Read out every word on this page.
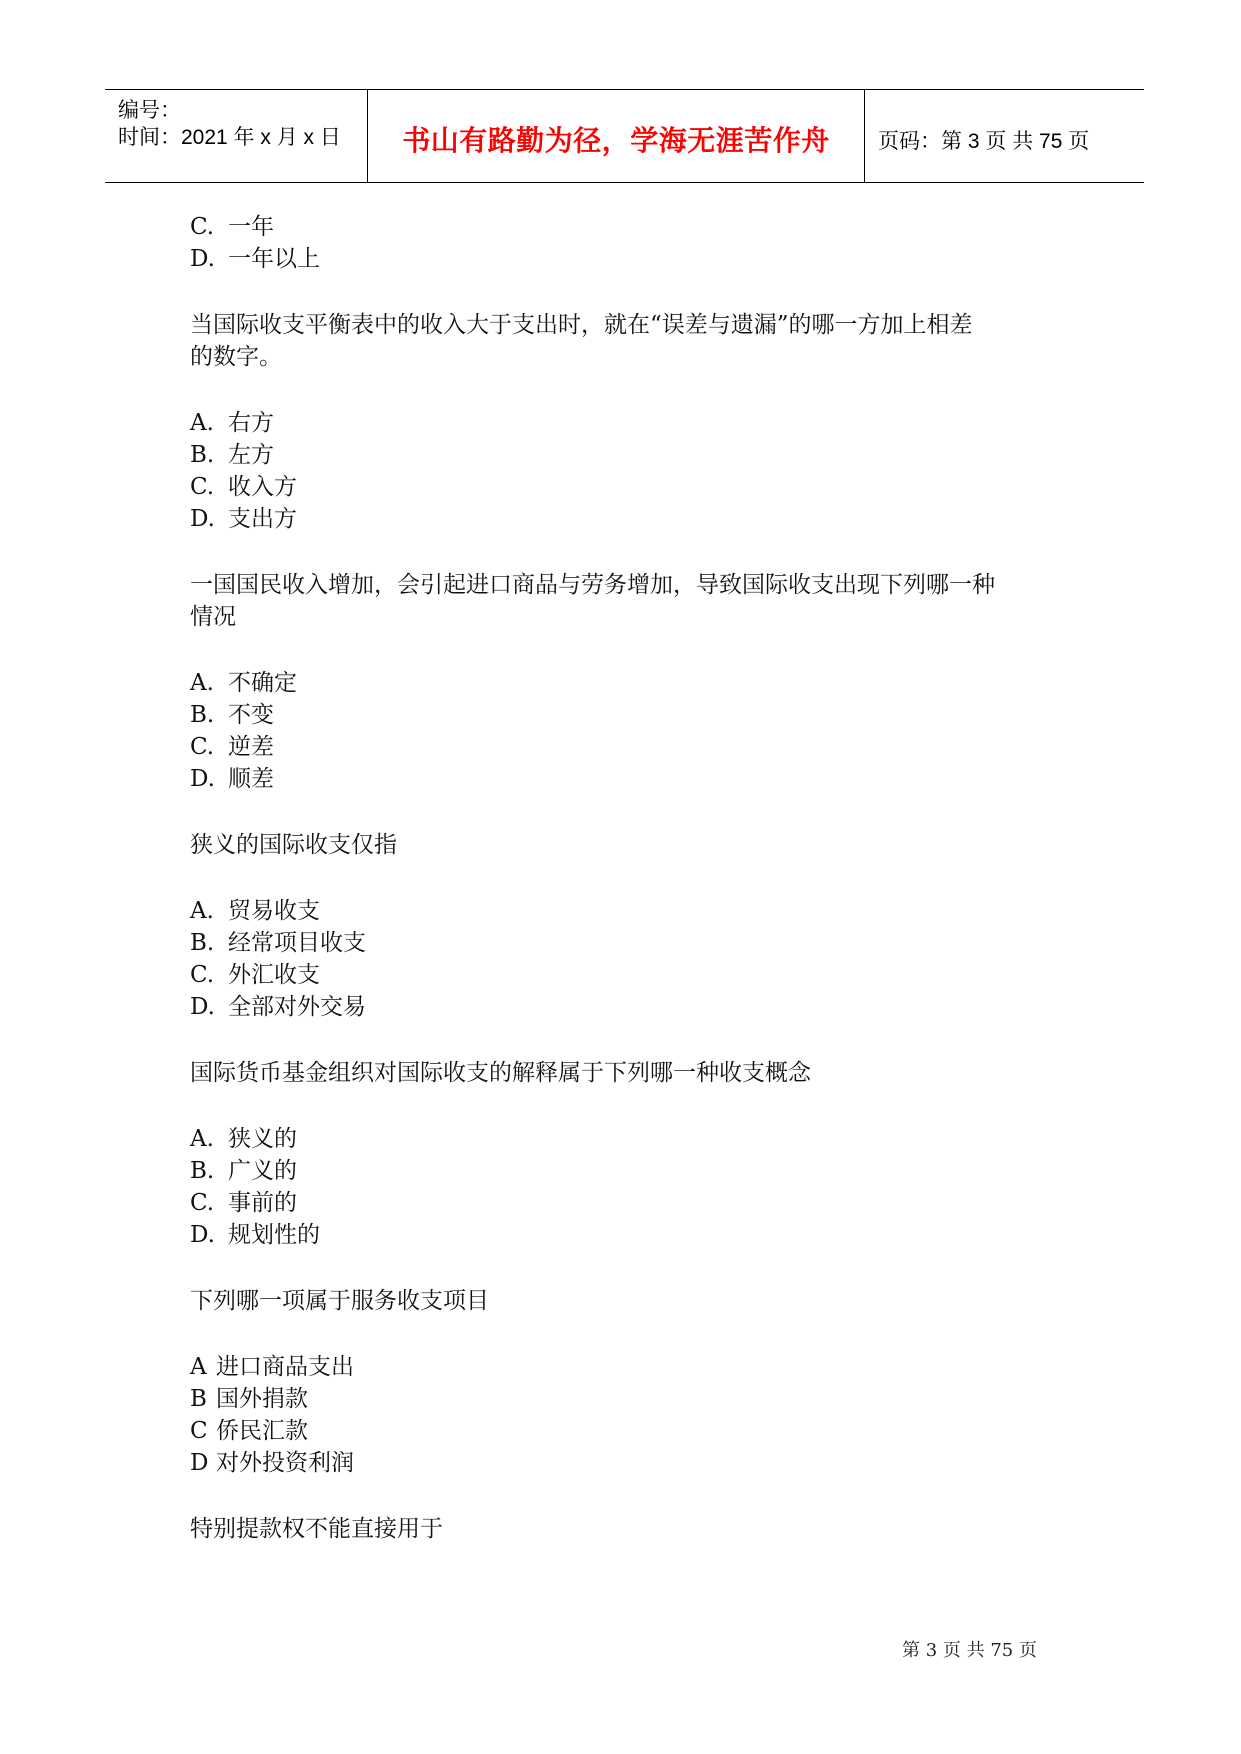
编号：
时间：2021 年 x 月 x 日	书山有路勤为径，学海无涯苦作舟	页码：第 3 页 共 75 页
C. 一年
D. 一年以上
当国际收支平衡表中的收入大于支出时，就在“误差与遗漏”的哪一方加上相差
的数字。
A. 右方
B. 左方
C. 收入方
D. 支出方
一国国民收入增加，会引起进口商品与劳务增加，导致国际收支出现下列哪一种
情况
A. 不确定
B. 不变
C. 逆差
D. 顺差
狭义的国际收支仅指
A. 贸易收支
B. 经常项目收支
C. 外汇收支
D. 全部对外交易
国际货币基金组织对国际收支的解释属于下列哪一种收支概念
A. 狭义的
B. 广义的
C. 事前的
D. 规划性的
下列哪一项属于服务收支项目
A 进口商品支出
B 国外捐款
C 侨民汇款
D 对外投资利润
特别提款权不能直接用于
第 3 页 共 75 页
